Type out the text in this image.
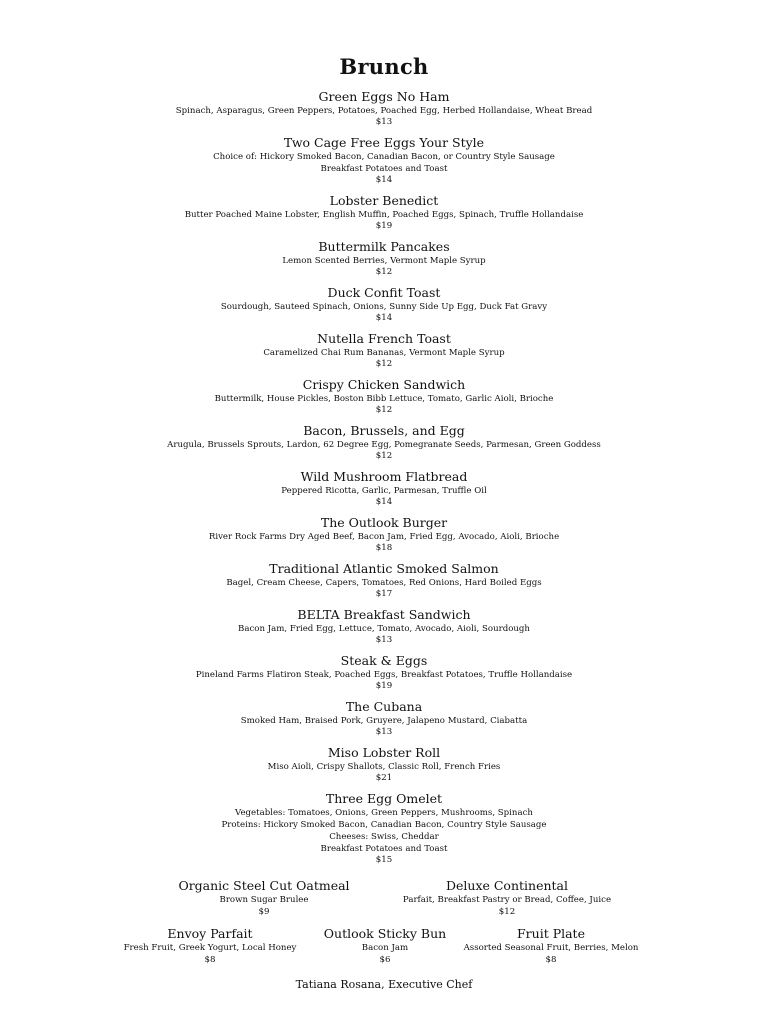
Brunch
Green Eggs No Ham
Spinach, Asparagus, Green Peppers, Potatoes, Poached Egg, Herbed Hollandaise, Wheat Bread
$13
Two Cage Free Eggs Your Style
Choice of: Hickory Smoked Bacon, Canadian Bacon, or Country Style Sausage
Breakfast Potatoes and Toast
$14
Lobster Benedict
Butter Poached Maine Lobster, English Muffin, Poached Eggs, Spinach, Truffle Hollandaise
$19
Buttermilk Pancakes
Lemon Scented Berries, Vermont Maple Syrup
$12
Duck Confit Toast
Sourdough, Sauteed Spinach, Onions, Sunny Side Up Egg, Duck Fat Gravy
$14
Nutella French Toast
Caramelized Chai Rum Bananas, Vermont Maple Syrup
$12
Crispy Chicken Sandwich
Buttermilk, House Pickles, Boston Bibb Lettuce, Tomato, Garlic Aioli, Brioche
$12
Bacon, Brussels, and Egg
Arugula, Brussels Sprouts, Lardon, 62 Degree Egg, Pomegranate Seeds, Parmesan, Green Goddess
$12
Wild Mushroom Flatbread
Peppered Ricotta, Garlic, Parmesan, Truffle Oil
$14
The Outlook Burger
River Rock Farms Dry Aged Beef, Bacon Jam, Fried Egg, Avocado, Aioli, Brioche
$18
Traditional Atlantic Smoked Salmon
Bagel, Cream Cheese, Capers, Tomatoes, Red Onions, Hard Boiled Eggs
$17
BELTA Breakfast Sandwich
Bacon Jam, Fried Egg, Lettuce, Tomato, Avocado, Aioli, Sourdough
$13
Steak & Eggs
Pineland Farms Flatiron Steak, Poached Eggs, Breakfast Potatoes, Truffle Hollandaise
$19
The Cubana
Smoked Ham, Braised Pork, Gruyere, Jalapeno Mustard, Ciabatta
$13
Miso Lobster Roll
Miso Aioli, Crispy Shallots, Classic Roll, French Fries
$21
Three Egg Omelet
Vegetables: Tomatoes, Onions, Green Peppers, Mushrooms, Spinach
Proteins: Hickory Smoked Bacon, Canadian Bacon, Country Style Sausage
Cheeses: Swiss, Cheddar
Breakfast Potatoes and Toast
$15
Organic Steel Cut Oatmeal
Brown Sugar Brulee
$9
Deluxe Continental
Parfait, Breakfast Pastry or Bread, Coffee, Juice
$12
Envoy Parfait
Fresh Fruit, Greek Yogurt, Local Honey
$8
Outlook Sticky Bun
Bacon Jam
$6
Fruit Plate
Assorted Seasonal Fruit, Berries, Melon
$8
Tatiana Rosana, Executive Chef
